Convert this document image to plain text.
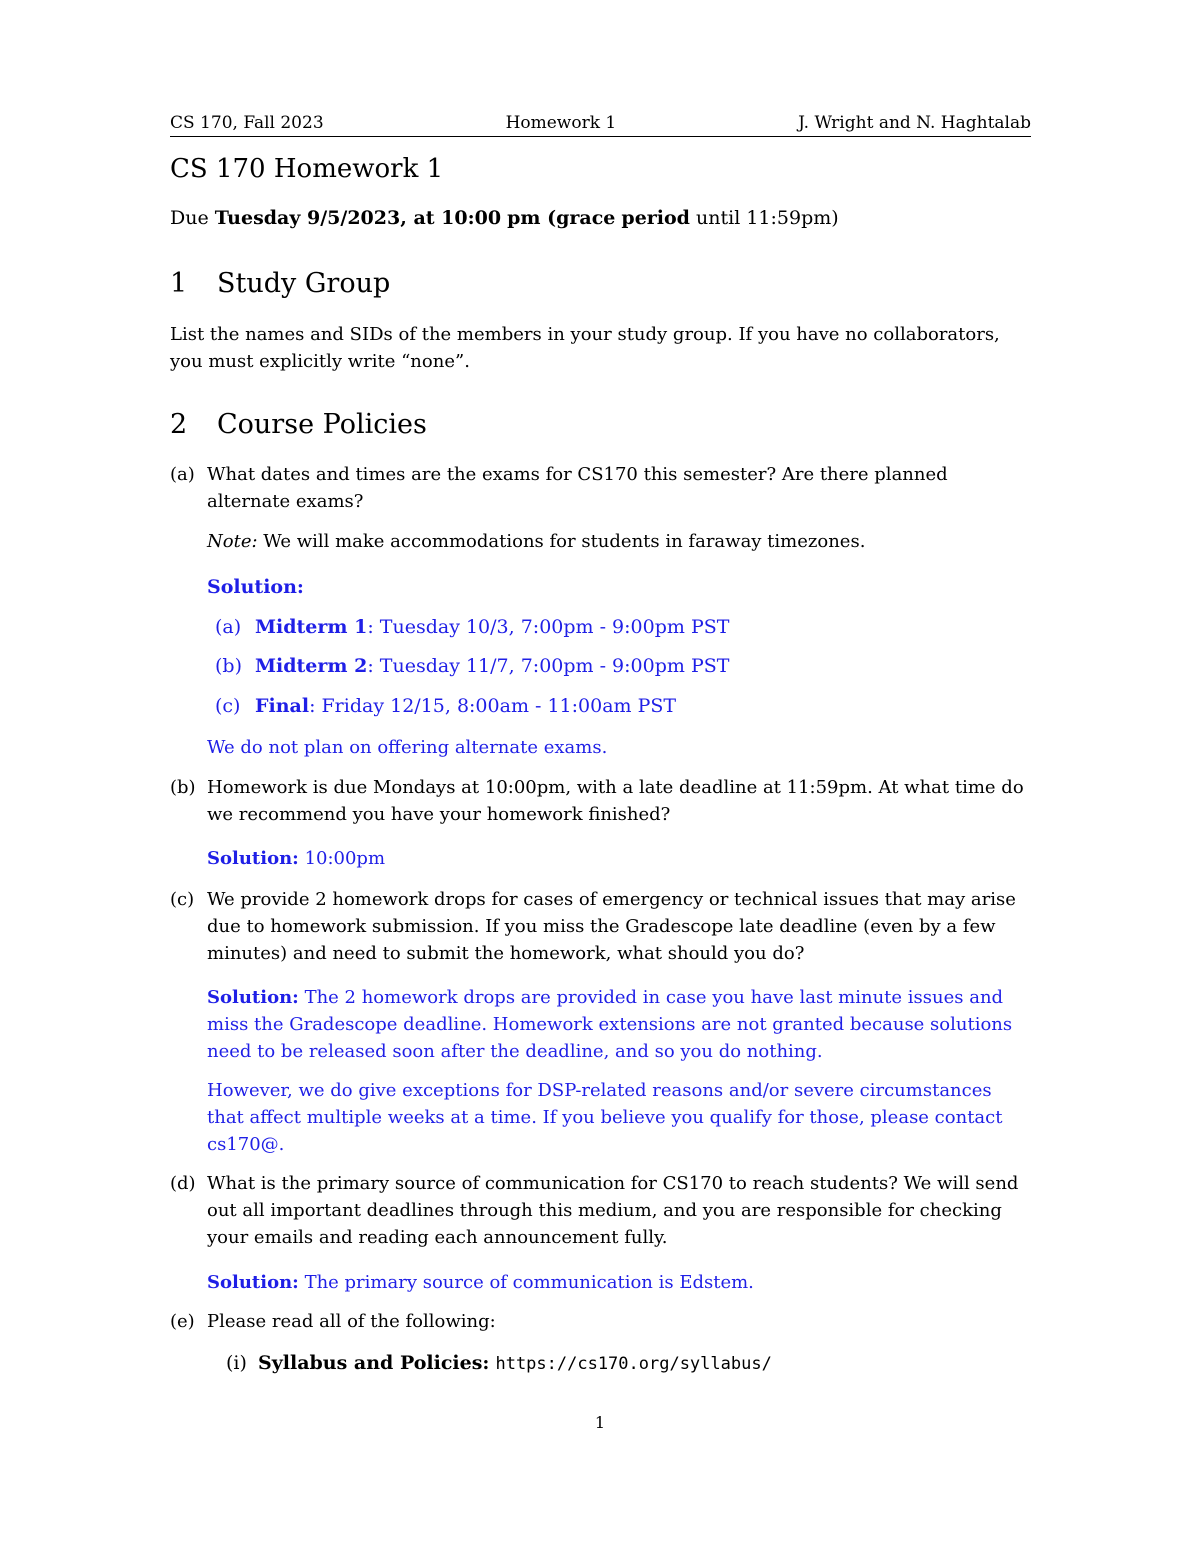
CS 170, Fall 2023	Homework 1	J. Wright and N. Haghtalab
CS 170 Homework 1
Due Tuesday 9/5/2023, at 10:00 pm (grace period until 11:59pm)
1 Study Group
List the names and SIDs of the members in your study group. If you have no collaborators, you must explicitly write “none”.
2 Course Policies
(a) What dates and times are the exams for CS170 this semester? Are there planned alternate exams?
Note: We will make accommodations for students in faraway timezones.
Solution:
(a) Midterm 1: Tuesday 10/3, 7:00pm - 9:00pm PST
(b) Midterm 2: Tuesday 11/7, 7:00pm - 9:00pm PST
(c) Final: Friday 12/15, 8:00am - 11:00am PST
We do not plan on offering alternate exams.
(b) Homework is due Mondays at 10:00pm, with a late deadline at 11:59pm. At what time do we recommend you have your homework finished?
Solution: 10:00pm
(c) We provide 2 homework drops for cases of emergency or technical issues that may arise due to homework submission. If you miss the Gradescope late deadline (even by a few minutes) and need to submit the homework, what should you do?
Solution: The 2 homework drops are provided in case you have last minute issues and miss the Gradescope deadline. Homework extensions are not granted because solutions need to be released soon after the deadline, and so you do nothing.
However, we do give exceptions for DSP-related reasons and/or severe circumstances that affect multiple weeks at a time. If you believe you qualify for those, please contact cs170@.
(d) What is the primary source of communication for CS170 to reach students? We will send out all important deadlines through this medium, and you are responsible for checking your emails and reading each announcement fully.
Solution: The primary source of communication is Edstem.
(e) Please read all of the following:
(i) Syllabus and Policies: https://cs170.org/syllabus/
1
